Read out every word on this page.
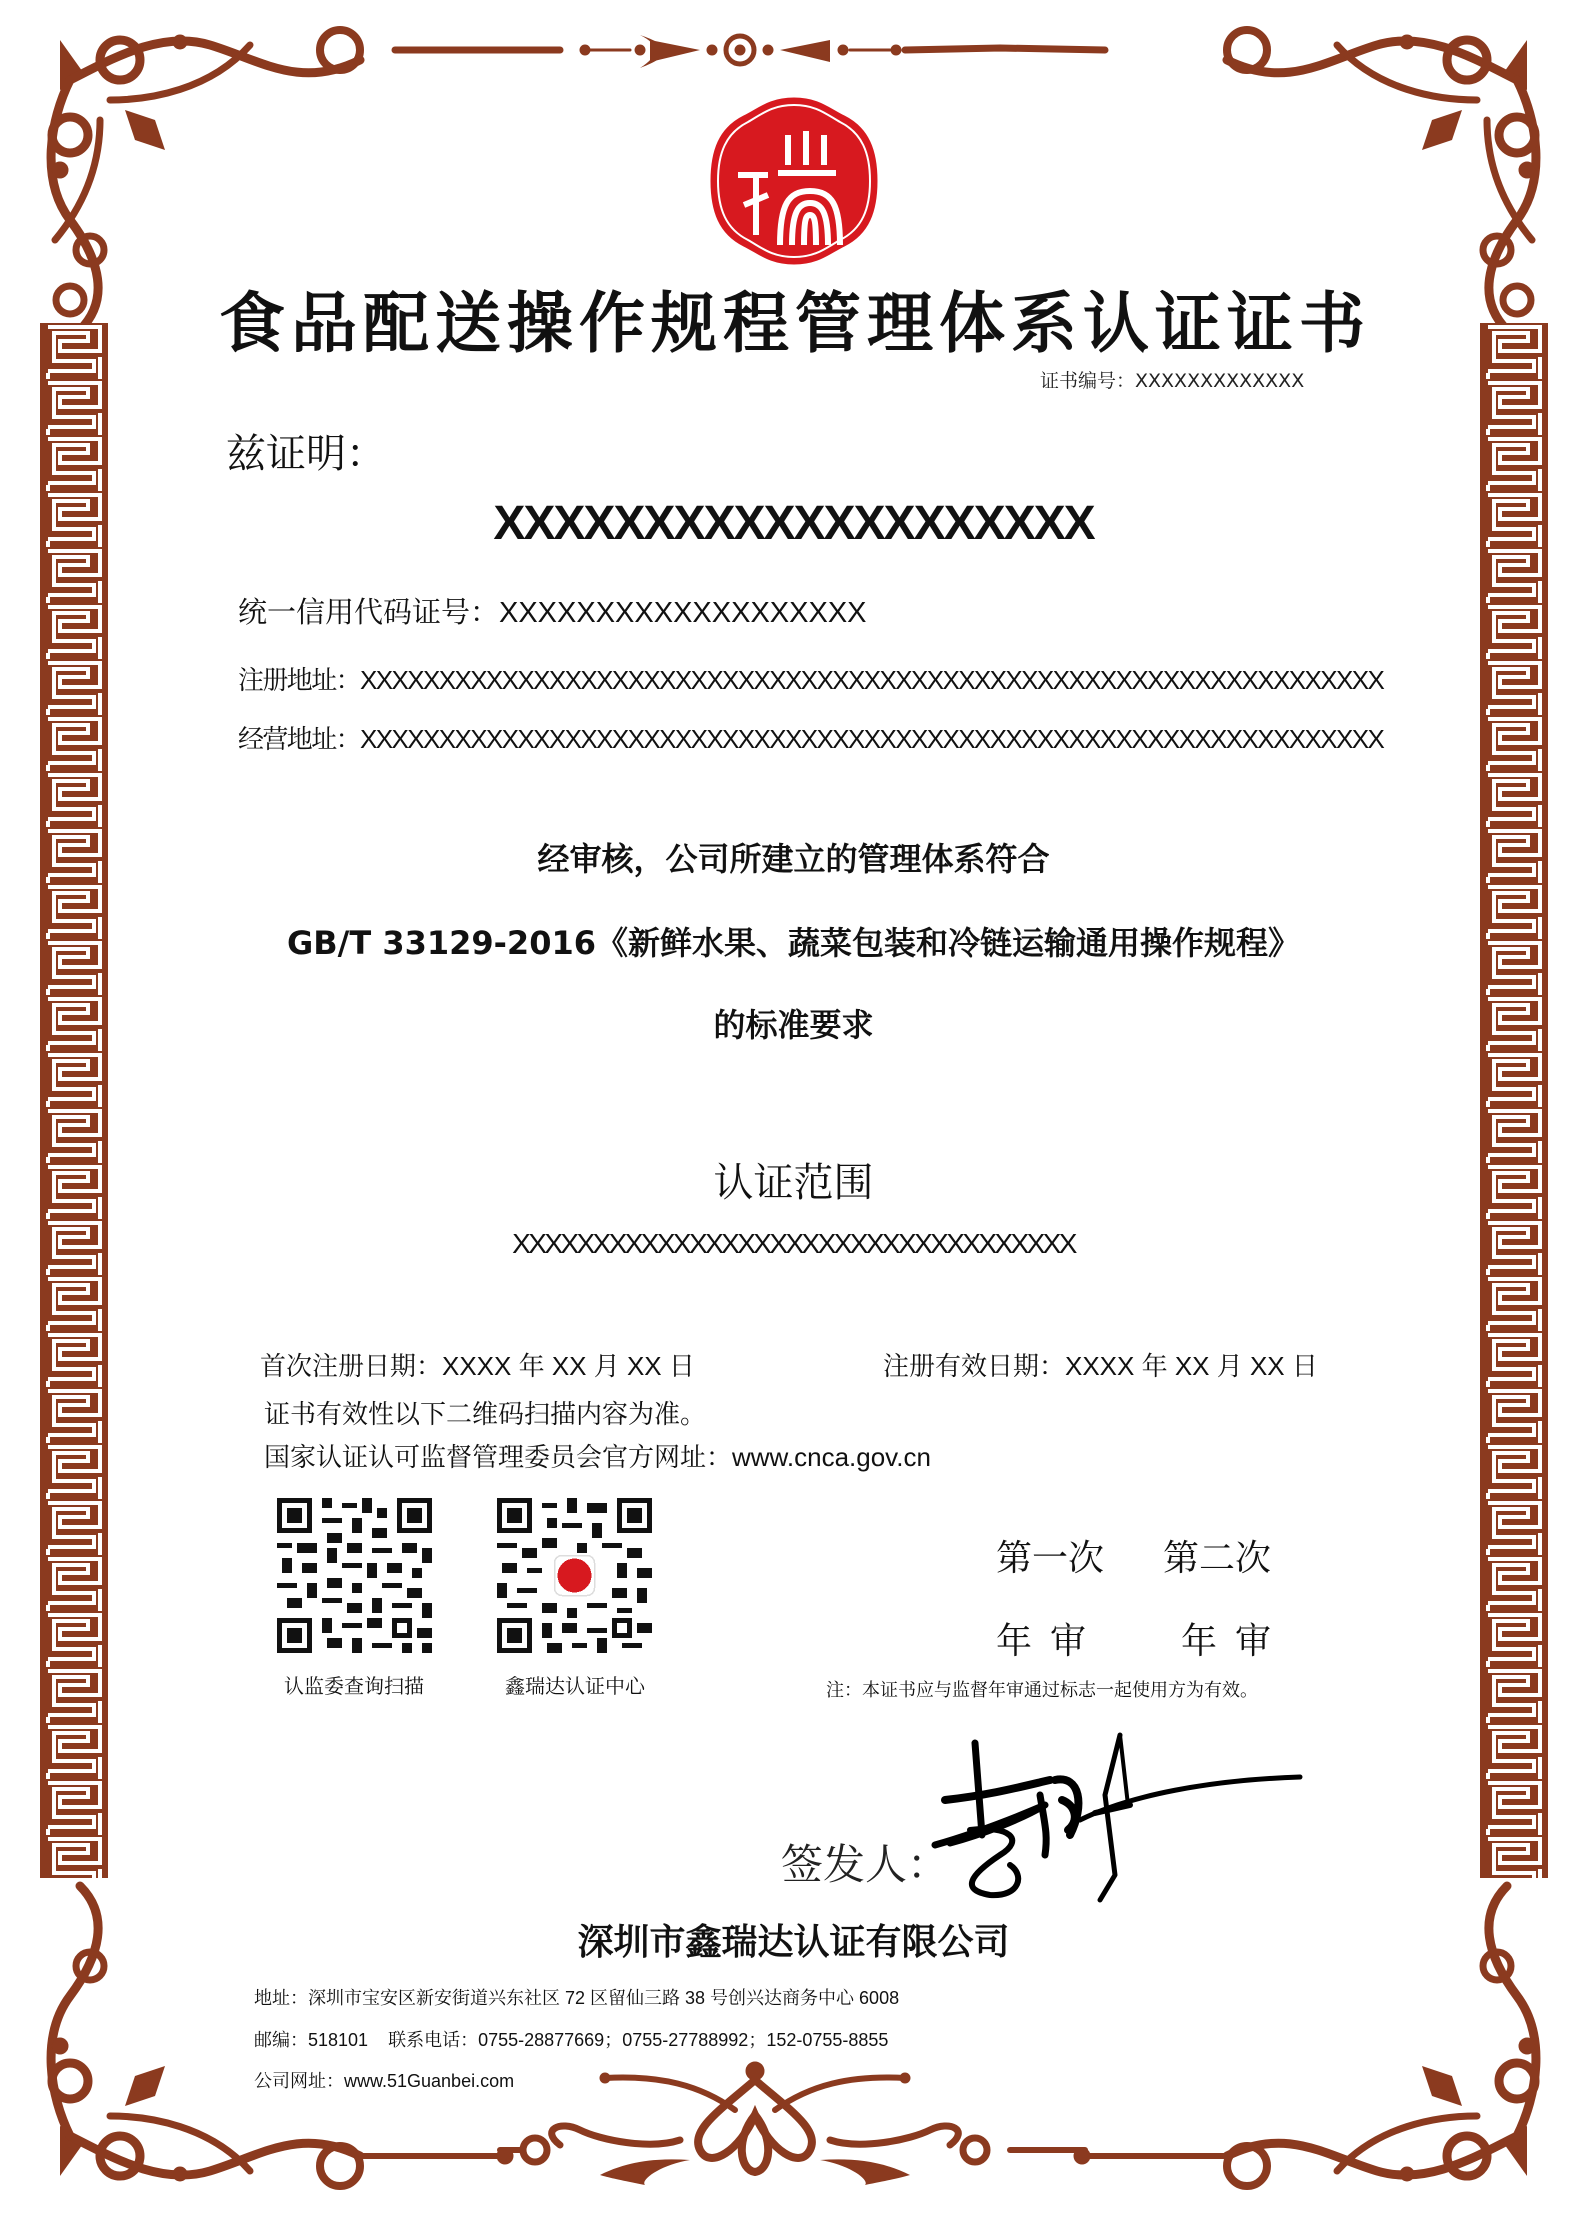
食品配送操作规程管理体系认证证书
证书编号：XXXXXXXXXXXXX
兹证明：
XXXXXXXXXXXXXXXXXXXX
统一信用代码证号：XXXXXXXXXXXXXXXXXXX
注册地址：XXXXXXXXXXXXXXXXXXXXXXXXXXXXXXXXXXXXXXXXXXXXXXXXXXXXXXXXXXXXXXXXX
经营地址：XXXXXXXXXXXXXXXXXXXXXXXXXXXXXXXXXXXXXXXXXXXXXXXXXXXXXXXXXXXXXXXXX
经审核，公司所建立的管理体系符合
GB/T 33129-2016《新鲜水果、蔬菜包装和冷链运输通用操作规程》
的标准要求
认证范围
XXXXXXXXXXXXXXXXXXXXXXXXXXXXXXXXXXX
首次注册日期：XXXX 年 XX 月 XX 日	注册有效日期：XXXX 年 XX 月 XX 日
证书有效性以下二维码扫描内容为准。
国家认证认可监督管理委员会官方网址：www.cnca.gov.cn
认监委查询扫描	鑫瑞达认证中心
第一次 第二次
年审 年审
注：本证书应与监督年审通过标志一起使用方为有效。
签发人：
深圳市鑫瑞达认证有限公司
地址：深圳市宝安区新安街道兴东社区 72 区留仙三路 38 号创兴达商务中心 6008
邮编：518101    联系电话：0755-28877669；0755-27788992；152-0755-8855
公司网址：www.51Guanbei.com
